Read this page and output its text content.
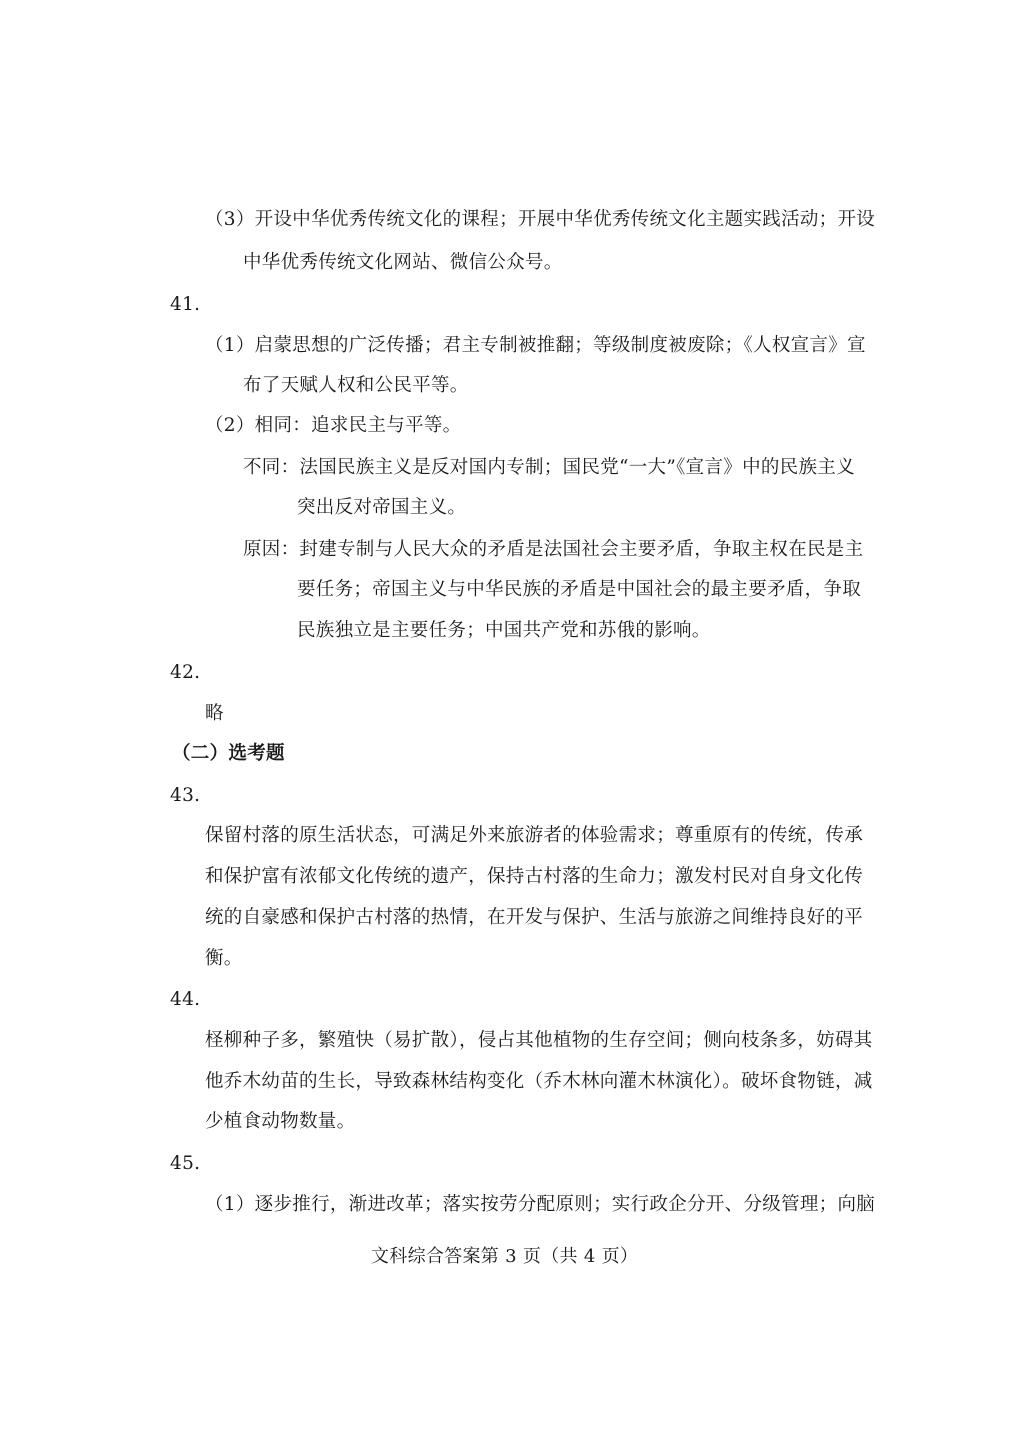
（3）开设中华优秀传统文化的课程；开展中华优秀传统文化主题实践活动；开设
中华优秀传统文化网站、微信公众号。
41.
（1）启蒙思想的广泛传播；君主专制被推翻；等级制度被废除；《人权宣言》宣
布了天赋人权和公民平等。
（2）相同：追求民主与平等。
不同：法国民族主义是反对国内专制；国民党“一大”《宣言》中的民族主义
突出反对帝国主义。
原因：封建专制与人民大众的矛盾是法国社会主要矛盾，争取主权在民是主
要任务；帝国主义与中华民族的矛盾是中国社会的最主要矛盾，争取
民族独立是主要任务；中国共产党和苏俄的影响。
42.
略
（二）选考题
43.
保留村落的原生活状态，可满足外来旅游者的体验需求；尊重原有的传统，传承
和保护富有浓郁文化传统的遗产，保持古村落的生命力；激发村民对自身文化传
统的自豪感和保护古村落的热情，在开发与保护、生活与旅游之间维持良好的平
衡。
44.
柽柳种子多，繁殖快（易扩散），侵占其他植物的生存空间；侧向枝条多，妨碍其
他乔木幼苗的生长，导致森林结构变化（乔木林向灌木林演化）。破坏食物链，减
少植食动物数量。
45.
（1）逐步推行，渐进改革；落实按劳分配原则；实行政企分开、分级管理；向脑
文科综合答案第 3 页（共 4 页）
